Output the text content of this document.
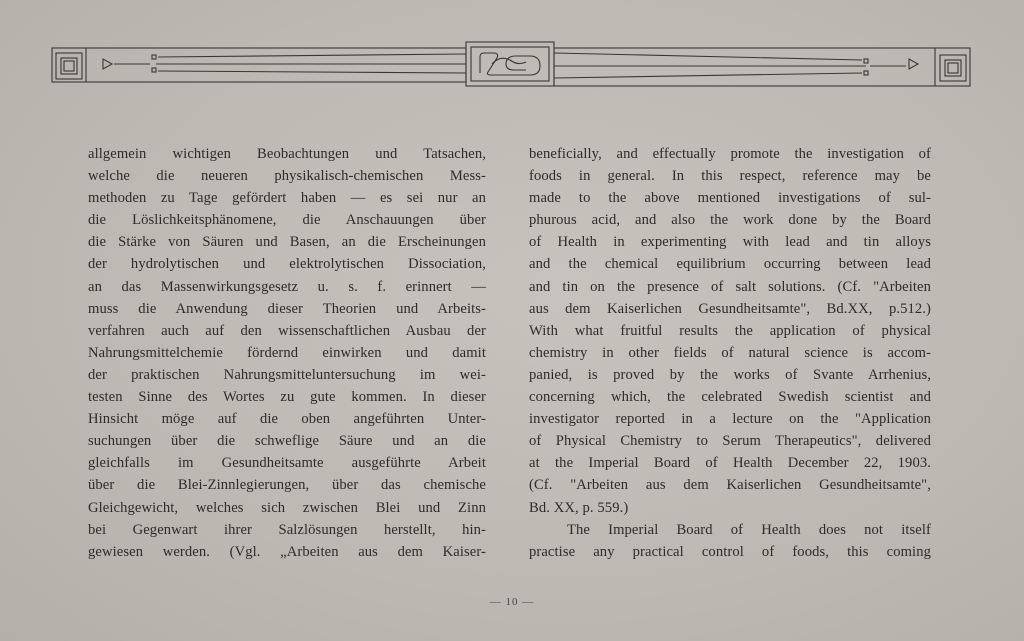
allgemein wichtigen Beobachtungen und Tatsachen,
welche die neueren physikalisch-chemischen Mess-
methoden zu Tage gefördert haben — es sei nur an
die Löslichkeitsphänomene, die Anschauungen über
die Stärke von Säuren und Basen, an die Erscheinungen
der hydrolytischen und elektrolytischen Dissociation,
an das Massenwirkungsgesetz u. s. f. erinnert —
muss die Anwendung dieser Theorien und Arbeits-
verfahren auch auf den wissenschaftlichen Ausbau der
Nahrungsmittelchemie fördernd einwirken und damit
der praktischen Nahrungsmitteluntersuchung im wei-
testen Sinne des Wortes zu gute kommen. In dieser
Hinsicht möge auf die oben angeführten Unter-
suchungen über die schweflige Säure und an die
gleichfalls im Gesundheitsamte ausgeführte Arbeit
über die Blei-Zinnlegierungen, über das chemische
Gleichgewicht, welches sich zwischen Blei und Zinn
bei Gegenwart ihrer Salzlösungen herstellt, hin-
gewiesen werden. (Vgl. „Arbeiten aus dem Kaiser-
beneficially, and effectually promote the investigation of
foods in general. In this respect, reference may be
made to the above mentioned investigations of sul-
phurous acid, and also the work done by the Board
of Health in experimenting with lead and tin alloys
and the chemical equilibrium occurring between lead
and tin on the presence of salt solutions. (Cf. "Arbeiten
aus dem Kaiserlichen Gesundheitsamte", Bd.XX, p.512.)
With what fruitful results the application of physical
chemistry in other fields of natural science is accom-
panied, is proved by the works of Svante Arrhenius,
concerning which, the celebrated Swedish scientist and
investigator reported in a lecture on the "Application
of Physical Chemistry to Serum Therapeutics", delivered
at the Imperial Board of Health December 22, 1903.
(Cf. "Arbeiten aus dem Kaiserlichen Gesundheitsamte",
Bd. XX, p. 559.)
The Imperial Board of Health does not itself
practise any practical control of foods, this coming
— 10 —
